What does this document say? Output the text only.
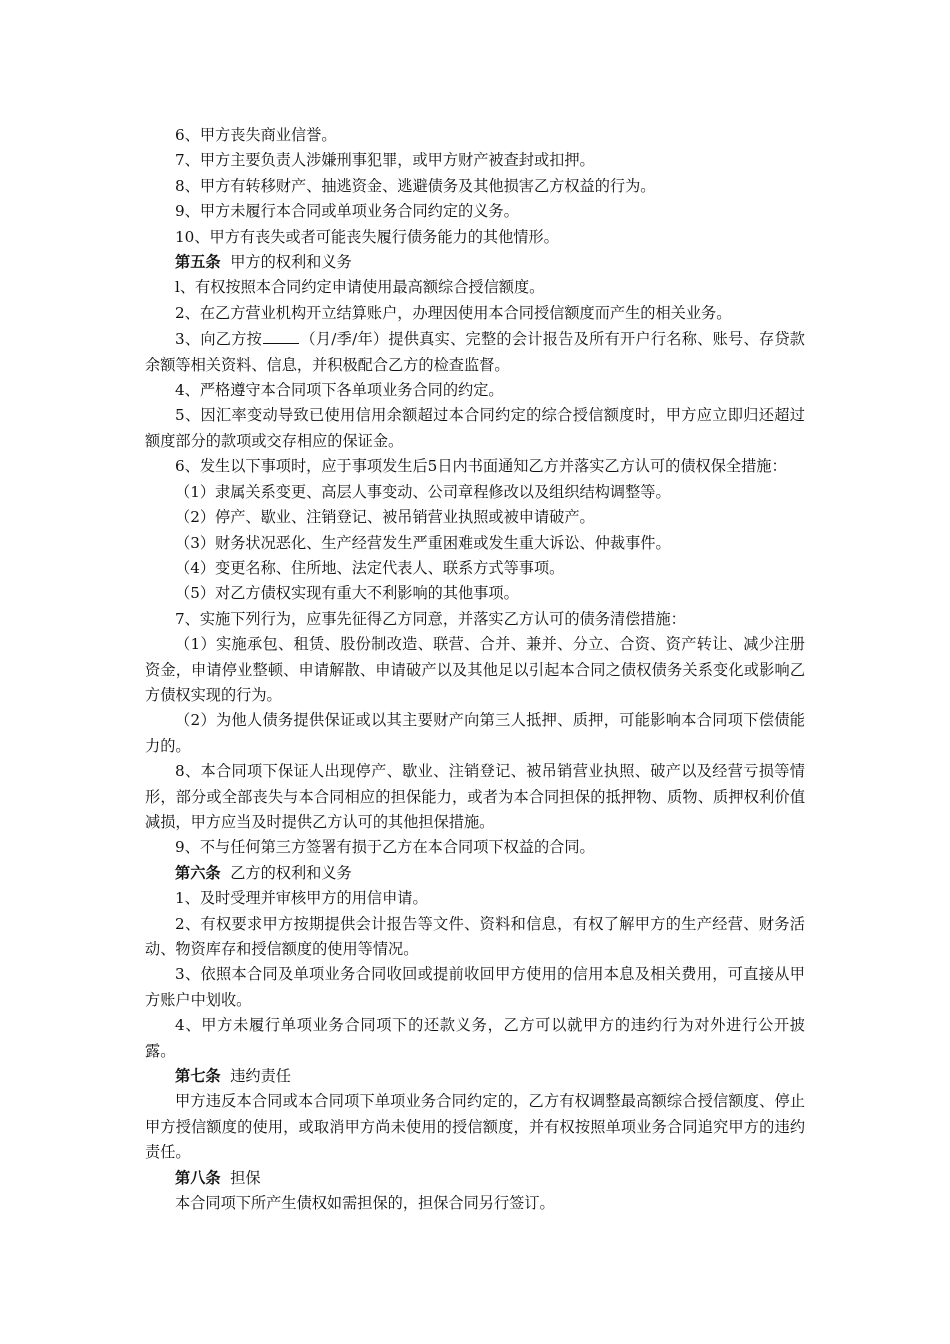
6、甲方丧失商业信誉。
7、甲方主要负责人涉嫌刑事犯罪，或甲方财产被查封或扣押。
8、甲方有转移财产、抽逃资金、逃避债务及其他损害乙方权益的行为。
9、甲方未履行本合同或单项业务合同约定的义务。
10、甲方有丧失或者可能丧失履行债务能力的其他情形。
第五条 甲方的权利和义务
l、有权按照本合同约定申请使用最高额综合授信额度。
2、在乙方营业机构开立结算账户，办理因使用本合同授信额度而产生的相关业务。
3、向乙方按	（月/季/年）提供真实、完整的会计报告及所有开户行名称、账号、存贷款余额等相关资料、信息，并积极配合乙方的检查监督。
4、严格遵守本合同项下各单项业务合同的约定。
5、因汇率变动导致已使用信用余额超过本合同约定的综合授信额度时，甲方应立即归还超过额度部分的款项或交存相应的保证金。
6、发生以下事项时，应于事项发生后5日内书面通知乙方并落实乙方认可的债权保全措施：
（1）隶属关系变更、高层人事变动、公司章程修改以及组织结构调整等。
（2）停产、歇业、注销登记、被吊销营业执照或被申请破产。
（3）财务状况恶化、生产经营发生严重困难或发生重大诉讼、仲裁事件。
（4）变更名称、住所地、法定代表人、联系方式等事项。
（5）对乙方债权实现有重大不利影响的其他事项。
7、实施下列行为，应事先征得乙方同意，并落实乙方认可的债务清偿措施：
（1）实施承包、租赁、股份制改造、联营、合并、兼并、分立、合资、资产转让、减少注册资金，申请停业整顿、申请解散、申请破产以及其他足以引起本合同之债权债务关系变化或影响乙方债权实现的行为。
（2）为他人债务提供保证或以其主要财产向第三人抵押、质押，可能影响本合同项下偿债能力的。
8、本合同项下保证人出现停产、歇业、注销登记、被吊销营业执照、破产以及经营亏损等情形，部分或全部丧失与本合同相应的担保能力，或者为本合同担保的抵押物、质物、质押权利价值减损，甲方应当及时提供乙方认可的其他担保措施。
9、不与任何第三方签署有损于乙方在本合同项下权益的合同。
第六条 乙方的权利和义务
1、及时受理并审核甲方的用信申请。
2、有权要求甲方按期提供会计报告等文件、资料和信息，有权了解甲方的生产经营、财务活动、物资库存和授信额度的使用等情况。
3、依照本合同及单项业务合同收回或提前收回甲方使用的信用本息及相关费用，可直接从甲方账户中划收。
4、甲方未履行单项业务合同项下的还款义务，乙方可以就甲方的违约行为对外进行公开披露。
第七条 违约责任
甲方违反本合同或本合同项下单项业务合同约定的，乙方有权调整最高额综合授信额度、停止甲方授信额度的使用，或取消甲方尚未使用的授信额度，并有权按照单项业务合同追究甲方的违约责任。
第八条 担保
本合同项下所产生债权如需担保的，担保合同另行签订。
